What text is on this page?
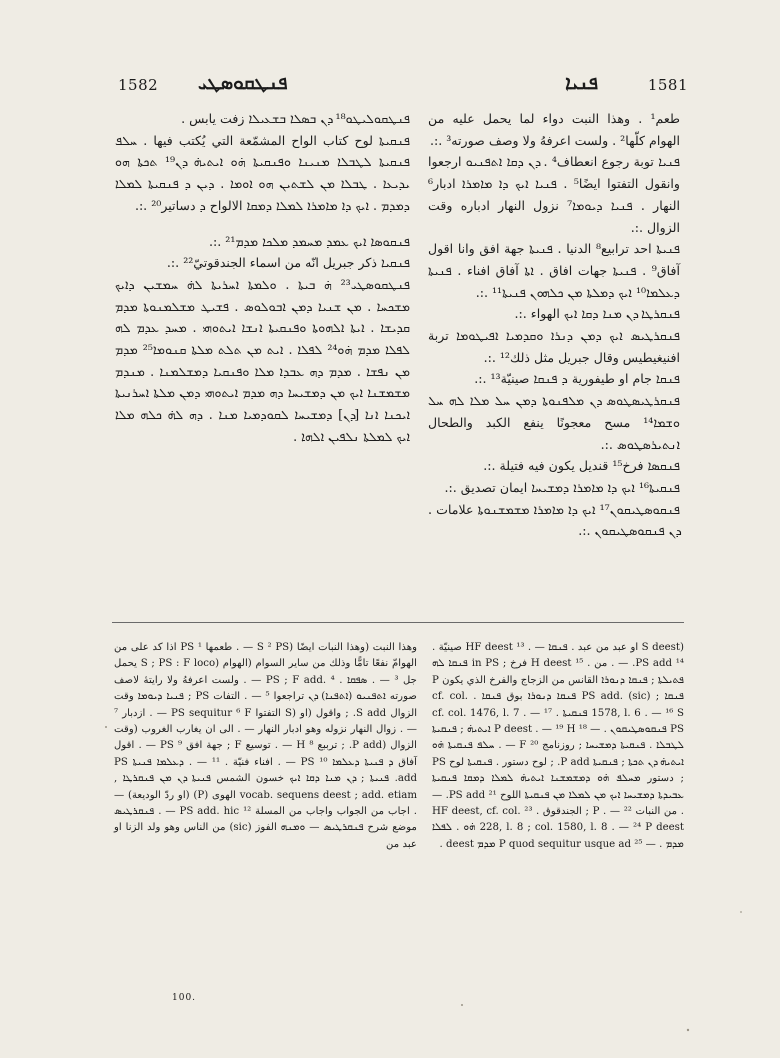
1582 ܦܢܛܩܘܣܛܝ	ܦܢܝܐ	1581

ܦܢܛܩܘܠܝܛܘ¹⁸ ܕܢ ܒܣܠܐ ܒܫܥܝܠܐ زفت يابس .

ܦܢܩܝܬܐ لوح كتاب الواح المشمّعة التي يُكتب فيها . ܚܠܦ ܦܢܩܝܬܐ ܠܛܒܠܐ ܡܢܝܢܐ ܘܦܢܩܝܬܐ ܗ̇ܘ ܐܝܬܝܗ̇ ܕܢ¹⁹ ܬܟܬܐ ܗܘ ܝܕܝܥܐ . ܛܒܠܐ ܡܢ ܠܫܬܝܢ ܗܘ ܐܘܡܐ . ܕܝܢ ܕ ܦܢܩܝܬܐ ܠܡܠܐ ܕܡܕܡ . ܐܝܟ ܕܐ ܡܐܡܪܐ ܠܡܠܐ ܕܡܩܐ الالواح ܕ دساتير²⁰ .:.

ܦܢܩܘܣܐ ܐܝܟ ܥܡܕ ܡܚܡܕ ܡܠܟܐ ܡܕܡ²¹ .:.

ܦܢܩܝܐ ذكر جبريل انّه من اسماء الجندقوتيّ²² .:.

ܦܢܛܩܘܣܛܝ²³ ܗ̇ ܒܝܬܐ . ܘܠܡܬܐ ܐܚܪܝܬܐ ܠܗ̇ ܚܡܫܝܢ ܕܐܝܟ ܡܫܟܚܐ . ܡܢ ܫܢܝܐ ܕܡܢ ܐܒܘܠܘܣ . ܦܫܝܛ ܡܫܠܡܢܘܬܐ ܡܕܡ ܩܕܝܫܐ . ܐܝܬܐ ܐܠܗܘܬܐ ܘܦܢܩܝܬܐ ܐܢܫܐ ܐܝܬܘܗܝ . ܡܚܕ ܥܕܡ ܠܗ ܠܦܠܐ ܡܕܡ ܗ̇ܘ²⁴ ܠܦܠܐ . ܐܝܬ ܡܢ ܬܠܬ ܡܠܬܐ ܩܢܘܡܐ²⁵ ܡܕܡ ܡܢ ܢܦܫܐ . ܡܕܡ ܕܗ ܥܒܕܐ ܡܠܐ ܘܦܢܩܝܐ ܕܡܫܠܡܢܐ . ܡܢܕܡ ܡܫܡܫܢܐ ܐܝܟ ܡܢ ܕܡܫܝܚܐ ܕܗ ܡܕܡ ܐܝܬܘܗܝ ܕܡܢ ܡܠܬܐ ܐܚܪܢܝܬܐ ܐܝܟܢܐ ܐܢܐ [ܕܢ] ܕܡܫܝܚܐ ܠܩܘܕܡܝܐ ܡܢܐ . ܕܗ ܠܗ̇ ܟܠܗ ܡܠܐ ܐܝܟ ܠܡܠܬܐ ܢܠܦܝܢ ܐܠܗܐ .

طعم¹ . وهذا النبت دواء لما يحمل عليه من الهوام كلّها² . ولست اعرفهُ ولا وصف صورته³ .:.

ܦܢܝܐ توبة رجوع انعطاف⁴ . ܕܢ ܕܩܐ ܐܬܦܢܝܘ ارجعوا وانقول التفتوا ايضًا⁵ . ܦܢܝܐ ܐܝܟ ܕܐ ܡܐܡܪܐ ادبار⁶ النهار . ܦܢܝܐ ܕܝܘܡܐ⁷ نزول النهار ادباره وقت الزوال .:.

ܦܢܝܬܐ احد ترابيع⁸ الدنيا . ܦܢܝܬܐ جهة افق وانا اقول آفاق⁹ . ܦܢܝܬܐ جهات افاق . ܐܬܐ آفاق افناء . ܦܢܝܬܐ ܕܥܠܡܐ¹⁰ ܐܝܟ ܕܡܠܬܐ ܡܢ ܟܠܗܘܢ ܦܢܝܬܐ¹¹ .:.

ܦܢܩܪܛܐ ܕܢ ܡܢܐ ܕܩܐ ܐܝܟ الهواء .:.

ܦܢܩܪܛܝܣ ܐܝܟ ܕܡܢ ܕܢܪܐ ܘܩܕܡܝܐ ܐܦܝܛܘܡܐ تربة افنيغيطيس وقال جبريل مثل ذلك¹² .:.

ܦܢܩܐ جام او طيفورية ܕ ܦܢܩܐ صينيّة¹³ .:.

ܦܢܩܪܛܝܣܛܘܣ ܕܢ ܡܠܦܢܘܬܐ ܕܡܢ ܚܠ ܡܠܐ ܠܗ ܚܠ ܘܫܡܐ¹⁴ مسح معجونًا ينفع الكبد والطحال ܐܢܬܝܪܣܛܘܣ .:.

ܦܢܩܣܐ فرخ¹⁵ قنديل يكون فيه فتيلة .:.

ܦܢܩܝܬܐ¹⁶ ܐܝܟ ܕܐ ܡܐܡܪܐ ܕܡܫܝܚܐ ايمان تصديق .:.

ܦܢܩܘܣܛܝܩܘܢ¹⁷ ܐܝܟ ܕܐ ܡܐܡܪܐ ܡܫܡܫܢܘܬܐ علامات . ܕܢ ܦܢܩܘܣܛܝܩܘܢ .:.

وهذا النبت (وهذا النبات ايضًا (S ² PS — . طعمها PS ¹ اذا كد على من الهوامّ نفعًا تامًّا وذلك من ساير السوام (الهوام (S ; PS : F loco يحمل جل ³ — . ܣܦܩܐ . PS ; F add. ⁴ — . ولست اعرفهُ ولا رايتهٔ لاصف صورته ܐܬܦܢܝܘ (ܐܬܦܢܐ) ܕܢ تراجعوا ⁵ — . التفات PS ; ܦܢܝܐ ܕܝܘܡܐ وقت الزوال S add. ; واقول (او (S التفتوا PS sequitur ⁶ F — . ازدبار ⁷ — . زوال النهار نزوله وهو ادبار النهار — . الى ان يغارب الغروب (وقت الزوال (P add. ; ترببع H ⁸ — . توسيع F ; جهة افق PS ⁹ — . اقول آفاق ܕ ܦܢܝܬܐ ܕܥܠܡܐ PS ¹⁰ — . افناء فنيّة . ¹¹ — . ܕܥܠܡܐ ܦܢܝܬܐ PS add. ܦܢܝܬܐ ; ܕܢ ܡܢܐ ܕܩܐ ܐܝܟ خسون الشمس ܦܢܝܬܐ ܕܢ ܡܢ ܦܢܩܪܛܐ , vocab. sequens deest ; add. etiam الهوى (P) (او ردّ الوديعة) — . اجاب من الجواب واجاب من المسلة PS add. hic ¹² — . ܦܢܩܪܛܝܣ موضع شرح ܦܢܩܪܛܝܣ — ܘܡܢܗ الفوز (sic) من الناس وهو ولد الزنا او عبد من

(S deest او عبد من عبد . ܦܢܩܐ — . ¹³ HF deest صينيّة . ¹⁴ PS add. — . من . ¹⁵ H deest فرخ ; in PS ܦܢܩܐ ܠܗ ܦܬܝܠܬܐ ; ܦܢܩܐ ܕܢܘܪܐ القانس من الزجاج والفرخ الذي يكون P ܦܢܩܐ ; PS add. (sic) ܦܢܩܐ ܕܢܘܪܐ بوق ܦܢܩܐ . cf. col. 1578, l. 6 . — ¹⁶ S ܦܢܩܝܬܐ . cf. col. 1476, l. 7 . — ¹⁷ PS ܦܢܩܘܣܛܝܩܘܢ . — ¹⁸ P deest . — ¹⁹ H ܐܝܬܝܗ̇ ; ܦܢܩܝܬܐ ܠܛܒܠܐ . ܦܢܩܝܬܐ ܕܡܫܝܚܐ ; روزنامج ²⁰ F — . ܚܠܦ ܦܢܩܝܬܐ ܗ̇ܘ ܐܝܬܝܗ̇ ܕܢ ܬܟܬܐ ; ܦܢܩܝܬܐ P add. ; لوح دستور . ܦܢܩܝܬܐ لوح PS ; دستور ܡܚܠܦ ܗ̇ܘ ܕܡܫܡܫܢܐ ܐܝܬܝܗ̇ ܠܡܠܐ ܕܡܩܐ ܦܢܩܝܬܐ ܥܒܝܕܬܐ ܕܡܫܝܚܐ ܐܝܟ ܡܢ ܠܡܠܐ ܡܢ ܦܢܩܝܬܐ اللوح ²¹ PS add. — . من النبات ²² — . P ; الجندقوق . ²³ HF deest, cf. col. 228, l. 8 ; col. 1580, l. 8 . — ²⁴ P deest ܗ̇ܘ . ܠܦܠܐ ܡܕܡ . — ²⁵ P quod sequitur usque ad ܡܕܡ deest .

100.
